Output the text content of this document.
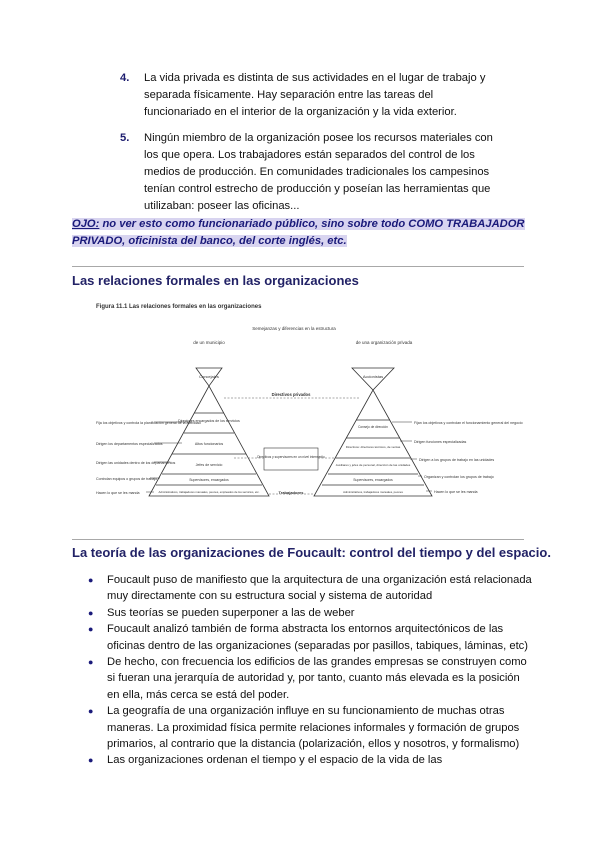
4. La vida privada es distinta de sus actividades en el lugar de trabajo y separada físicamente. Hay separación entre las tareas del funcionariado en el interior de la organización y la vida exterior.
5. Ningún miembro de la organización posee los recursos materiales con los que opera. Los trabajadores están separados del control de los medios de producción. En comunidades tradicionales los campesinos tenían control estrecho de producción y poseían las herramientas que utilizaban: poseer las oficinas...
OJO: no ver esto como funcionariado público, sino sobre todo COMO TRABAJADOR PRIVADO, oficinista del banco, del corte inglés, etc.
Las relaciones formales en las organizaciones
Figura 11.1 Las relaciones formales en las organizaciones
Semejanzas y diferencias en la estructura
de un municipio	de una organización privada
Concejales
Directores encargados de los servicios
Altos funcionarios
Jefes de servicio
Supervisores, encargados
Administrativos, trabajadores manuales, peones, empleados de los servicios, etc.
Accionistas
Consejo de dirección
Directivos: directores técnicos, de ventas
Auxiliares y jefes de personal, dirección de las unidades
Supervisores, encargados
Administrativos, trabajadores manuales, peones
Directivos privados
Directivos y supervisores en un nivel intermedio
Trabajadores
Fija los objetivos y controla la planificación general de la actividad
Dirigen los departamentos especializados
Dirigen las unidades dentro de los departamentos
Controlan equipos o grupos de trabajo
Hacen lo que se les manda
Fijan los objetivos y controlan el funcionamiento general del negocio
Dirigen funciones especializadas
Dirigen a los grupos de trabajo en las unidades
Organizan y controlan los grupos de trabajo
Hacen lo que se les manda
La teoría de las organizaciones de Foucault: control del tiempo y del espacio.
● Foucault puso de manifiesto que la arquitectura de una organización está relacionada muy directamente con su estructura social y sistema de autoridad
● Sus teorías se pueden superponer a las de weber
● Foucault analizó también de forma abstracta los entornos arquitectónicos de las oficinas dentro de las organizaciones (separadas por pasillos, tabiques, láminas, etc)
● De hecho, con frecuencia los edificios de las grandes empresas se construyen como si fueran una jerarquía de autoridad y, por tanto, cuanto más elevada es la posición en ella, más cerca se está del poder.
● La geografía de una organización influye en su funcionamiento de muchas otras maneras. La proximidad física permite relaciones informales y formación de grupos primarios, al contrario que la distancia (polarización, ellos y nosotros, y formalismo)
● Las organizaciones ordenan el tiempo y el espacio de la vida de las
